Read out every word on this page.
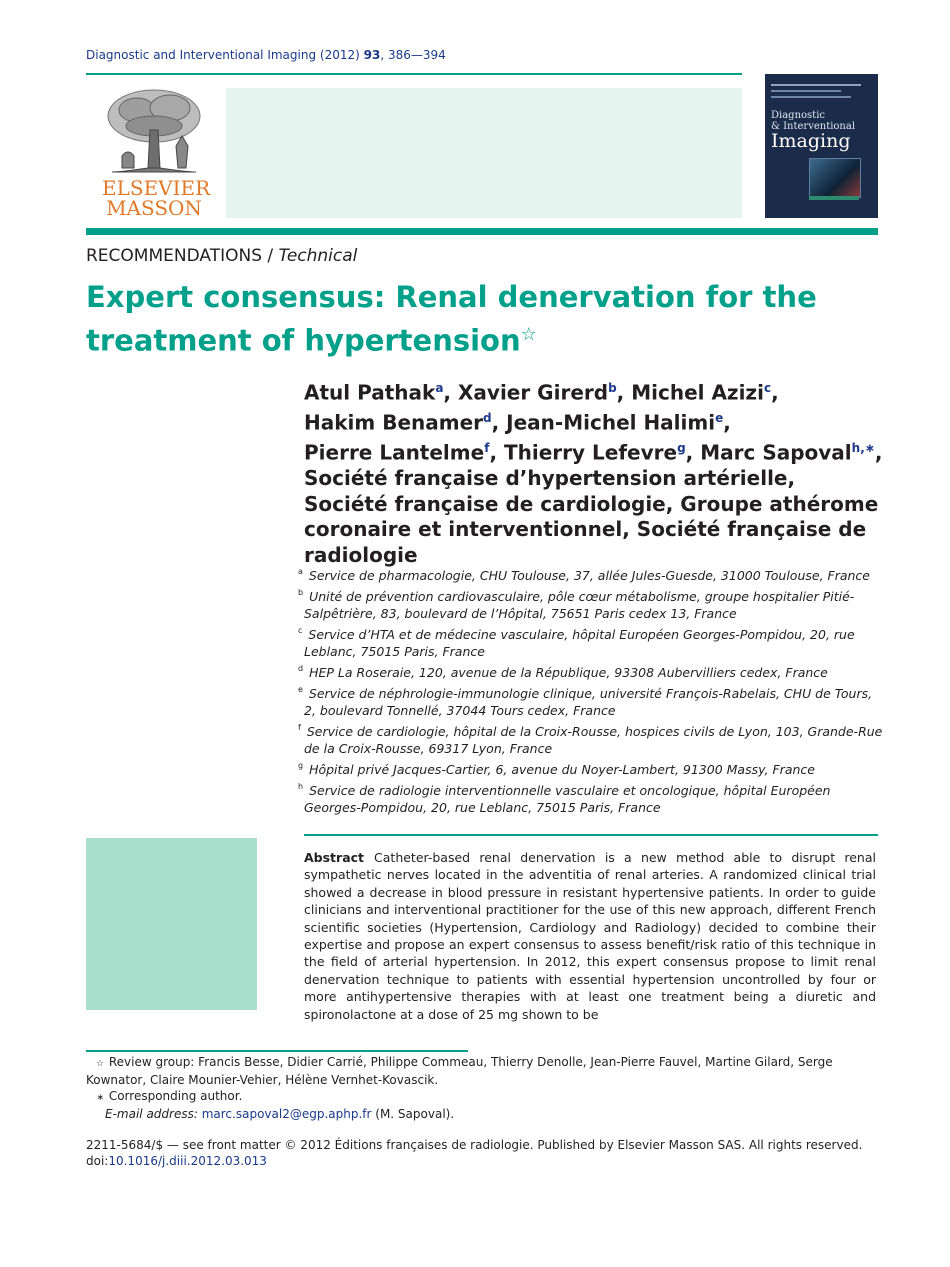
Diagnostic and Interventional Imaging (2012) 93, 386—394
ELSEVIER
MASSON
Diagnostic
& Interventional
Imaging
RECOMMENDATIONS / Technical
Expert consensus: Renal denervation for the treatment of hypertension☆
Atul Pathak$^a$, Xavier Girerd$^b$, Michel Azizi$^c$,
Hakim Benamer$^d$, Jean-Michel Halimi$^e$,
Pierre Lantelme$^f$, Thierry Lefevre$^g$, Marc Sapoval$^{h,∗}$,
Société française d’hypertension artérielle, Société française de cardiologie, Groupe athérome coronaire et interventionnel, Société française de radiologie
$^a$ Service de pharmacologie, CHU Toulouse, 37, allée Jules-Guesde, 31000 Toulouse, France
$^b$ Unité de prévention cardiovasculaire, pôle cœur métabolisme, groupe hospitalier Pitié-Salpêtrière, 83, boulevard de l’Hôpital, 75651 Paris cedex 13, France
$^c$ Service d’HTA et de médecine vasculaire, hôpital Européen Georges-Pompidou, 20, rue Leblanc, 75015 Paris, France
$^d$ HEP La Roseraie, 120, avenue de la République, 93308 Aubervilliers cedex, France
$^e$ Service de néphrologie-immunologie clinique, université François-Rabelais, CHU de Tours, 2, boulevard Tonnellé, 37044 Tours cedex, France
$^f$ Service de cardiologie, hôpital de la Croix-Rousse, hospices civils de Lyon, 103, Grande-Rue de la Croix-Rousse, 69317 Lyon, France
$^g$ Hôpital privé Jacques-Cartier, 6, avenue du Noyer-Lambert, 91300 Massy, France
$^h$ Service de radiologie interventionnelle vasculaire et oncologique, hôpital Européen Georges-Pompidou, 20, rue Leblanc, 75015 Paris, France
Abstract Catheter-based renal denervation is a new method able to disrupt renal sympathetic nerves located in the adventitia of renal arteries. A randomized clinical trial showed a decrease in blood pressure in resistant hypertensive patients. In order to guide clinicians and interventional practitioner for the use of this new approach, different French scientific societies (Hypertension, Cardiology and Radiology) decided to combine their expertise and propose an expert consensus to assess benefit/risk ratio of this technique in the field of arterial hypertension. In 2012, this expert consensus propose to limit renal denervation technique to patients with essential hypertension uncontrolled by four or more antihypertensive therapies with at least one treatment being a diuretic and spironolactone at a dose of 25 mg shown to be
☆ Review group: Francis Besse, Didier Carrié, Philippe Commeau, Thierry Denolle, Jean-Pierre Fauvel, Martine Gilard, Serge Kownator, Claire Mounier-Vehier, Hélène Vernhet-Kovascik.
∗ Corresponding author.
E-mail address: marc.sapoval2@egp.aphp.fr (M. Sapoval).
2211-5684/$ — see front matter © 2012 Éditions françaises de radiologie. Published by Elsevier Masson SAS. All rights reserved.
doi:10.1016/j.diii.2012.03.013
